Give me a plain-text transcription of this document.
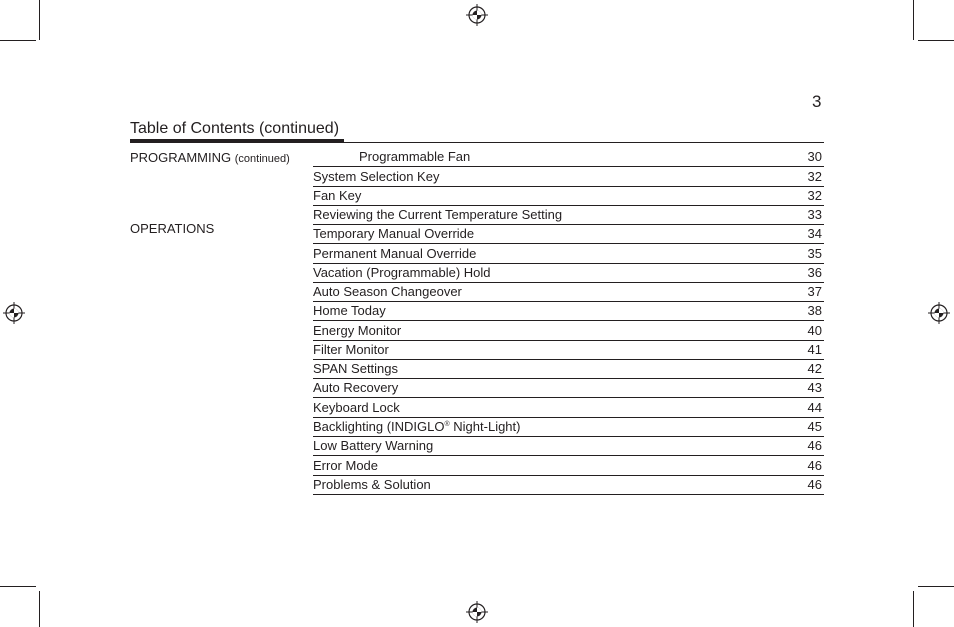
3
Table of Contents (continued)
PROGRAMMING (continued)
OPERATIONS
Programmable Fan	30
System Selection Key	32
Fan Key	32
Reviewing the Current Temperature Setting	33
Temporary Manual Override	34
Permanent Manual Override	35
Vacation (Programmable) Hold	36
Auto Season Changeover	37
Home Today	38
Energy Monitor	40
Filter Monitor	41
SPAN Settings	42
Auto Recovery	43
Keyboard Lock	44
Backlighting (INDIGLO® Night-Light)	45
Low Battery Warning	46
Error Mode	46
Problems & Solution	46
